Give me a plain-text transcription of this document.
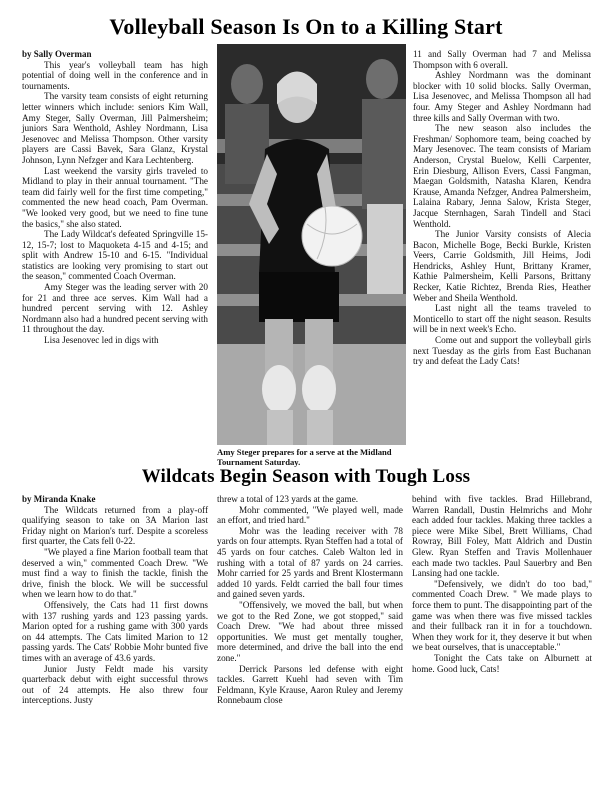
Volleyball Season Is On to a Killing Start
by Sally Overman

This year's volleyball team has high potential of doing well in the conference and in tournaments.

The varsity team consists of eight returning letter winners which include: seniors Kim Wall, Amy Steger, Sally Overman, Jill Palmersheim; juniors Sara Wenthold, Ashley Nordmann, Lisa Jesenovec and Melissa Thompson. Other varsity players are Cassi Bavek, Sara Glanz, Krystal Johnson, Lynn Nefzger and Kara Lechtenberg.

Last weekend the varsity girls traveled to Midland to play in their annual tournament. "The team did fairly well for the first time competing," commented the new head coach, Pam Overman. "We looked very good, but we need to fine tune the basics," she also stated.

The Lady Wildcat's defeated Springville 15-12, 15-7; lost to Maquoketa 4-15 and 4-15; and split with Andrew 15-10 and 6-15. "Individual statistics are looking very promising to start out the season," commented Coach Overman.

Amy Steger was the leading server with 20 for 21 and three ace serves. Kim Wall had a hundred percent serving with 12. Ashley Nordmann also had a hundred pecent serving with 11 throughout the day.

Lisa Jesenovec led in digs with

Amy Steger prepares for a serve at the Midland Tournament Saturday.

11 and Sally Overman had 7 and Melissa Thompson with 6 overall.

Ashley Nordmann was the dominant blocker with 10 solid blocks. Sally Overman, Lisa Jesenovec, and Melissa Thompson all had four. Amy Steger and Ashley Nordmann had three kills and Sally Overman with two.

The new season also includes the Freshman/ Sophomore team, being coached by Mary Jesenovec. The team consists of Mariam Anderson, Crystal Buelow, Kelli Carpenter, Erin Diesburg, Allison Evers, Cassi Fangman, Maegan Goldsmith, Natasha Klaren, Kendra Krause, Amanda Nefzger, Andrea Palmersheim, Lalaina Rabary, Jenna Salow, Krista Steger, Jacque Sternhagen, Sarah Tindell and Staci Wenthold.

The Junior Varsity consists of Alecia Bacon, Michelle Boge, Becki Burkle, Kristen Veers, Carrie Goldsmith, Jill Heims, Jodi Hendricks, Ashley Hunt, Brittany Kramer, Kathie Palmersheim, Kelli Parsons, Brittany Recker, Katie Richtez, Brenda Ries, Heather Weber and Sheila Wenthold.

Last night all the teams traveled to Monticello to start off the night season. Results will be in next week's Echo.

Come out and support the volleyball girls next Tuesday as the girls from East Buchanan try and defeat the Lady Cats!

Wildcats Begin Season with Tough Loss
by Miranda Knake

The Wildcats returned from a play-off qualifying season to take on 3A Marion last Friday night on Marion's turf. Despite a scoreless first quarter, the Cats fell 0-22.

"We played a fine Marion football team that deserved a win," commented Coach Drew. "We must find a way to finish the tackle, finish the drive, finish the block. We will be successful when we learn how to do that."

Offensively, the Cats had 11 first downs with 137 rushing yards and 123 passing yards. Marion opted for a rushing game with 300 yards on 44 attempts. The Cats limited Marion to 12 passing yards. The Cats' Robbie Mohr bunted five times with an average of 43.6 yards.

Junior Justy Feldt made his varsity quarterback debut with eight successful throws out of 24 attempts. He also threw four interceptions. Justy

threw a total of 123 yards at the game.

Mohr commented, "We played well, made an effort, and tried hard."

Mohr was the leading receiver with 78 yards on four attempts. Ryan Steffen had a total of 45 yards on four catches. Caleb Walton led in rushing with a total of 87 yards on 24 carries. Mohr carried for 25 yards and Brent Klostermann added 10 yards. Feldt carried the ball four times and gained seven yards.

"Offensively, we moved the ball, but when we got to the Red Zone, we got stopped," said Coach Drew. "We had about three missed opportunities. We must get mentally tougher, more determined, and drive the ball into the end zone."

Derrick Parsons led defense with eight tackles. Garrett Kuehl had seven with Tim Feldmann, Kyle Krause, Aaron Ruley and Jeremy Ronnebaum close

behind with five tackles. Brad Hillebrand, Warren Randall, Dustin Helmrichs and Mohr each added four tackles. Making three tackles a piece were Mike Sibel, Brett Williams, Chad Rowray, Bill Foley, Matt Aldrich and Dustin Glew. Ryan Steffen and Travis Mollenhauer each made two tackles. Paul Sauerbry and Ben Lansing had one tackle.

"Defensively, we didn't do too bad," commented Coach Drew. " We made plays to force them to punt. The disappointing part of the game was when there was five missed tackles and their fullback ran it in for a touchdown. When they work for it, they deserve it but when we beat ourselves, that is unacceptable."

Tonight the Cats take on Alburnett at home. Good luck, Cats!
